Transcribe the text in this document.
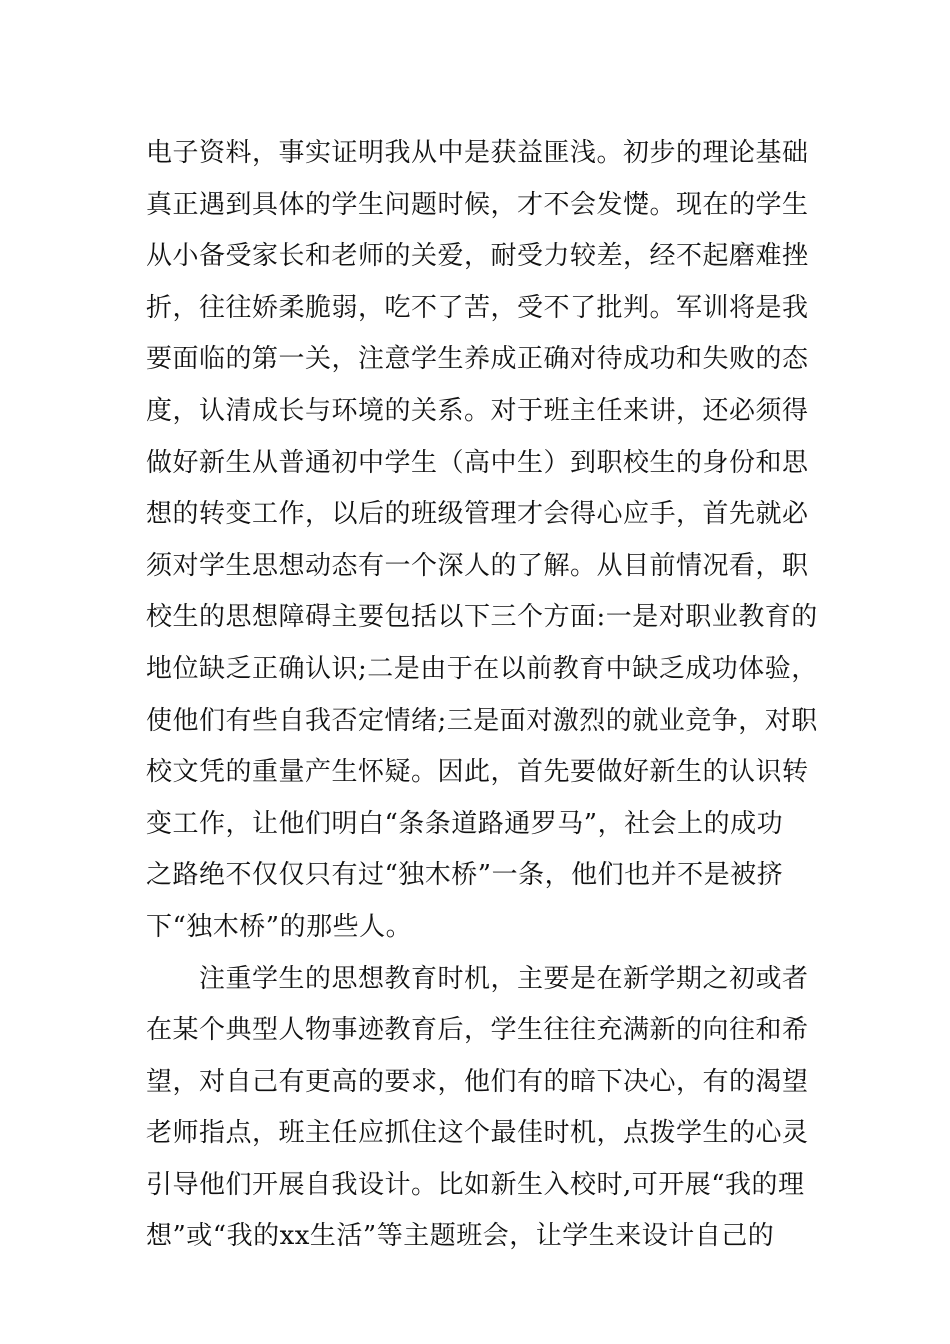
电子资料，事实证明我从中是获益匪浅。初步的理论基础
真正遇到具体的学生问题时候，才不会发憷。现在的学生
从小备受家长和老师的关爱，耐受力较差，经不起磨难挫
折，往往娇柔脆弱，吃不了苦，受不了批判。军训将是我
要面临的第一关，注意学生养成正确对待成功和失败的态
度，认清成长与环境的关系。对于班主任来讲，还必须得
做好新生从普通初中学生（高中生）到职校生的身份和思
想的转变工作，以后的班级管理才会得心应手，首先就必
须对学生思想动态有一个深人的了解。从目前情况看，职
校生的思想障碍主要包括以下三个方面:一是对职业教育的
地位缺乏正确认识;二是由于在以前教育中缺乏成功体验，
使他们有些自我否定情绪;三是面对激烈的就业竞争，对职
校文凭的重量产生怀疑。因此，首先要做好新生的认识转
变工作，让他们明白“条条道路通罗马”，社会上的成功
之路绝不仅仅只有过“独木桥”一条，他们也并不是被挤
下“独木桥”的那些人。
　　注重学生的思想教育时机，主要是在新学期之初或者
在某个典型人物事迹教育后，学生往往充满新的向往和希
望，对自己有更高的要求，他们有的暗下决心，有的渴望
老师指点，班主任应抓住这个最佳时机，点拨学生的心灵
引导他们开展自我设计。比如新生入校时,可开展“我的理
想”或“我的xx生活”等主题班会，让学生来设计自己的
